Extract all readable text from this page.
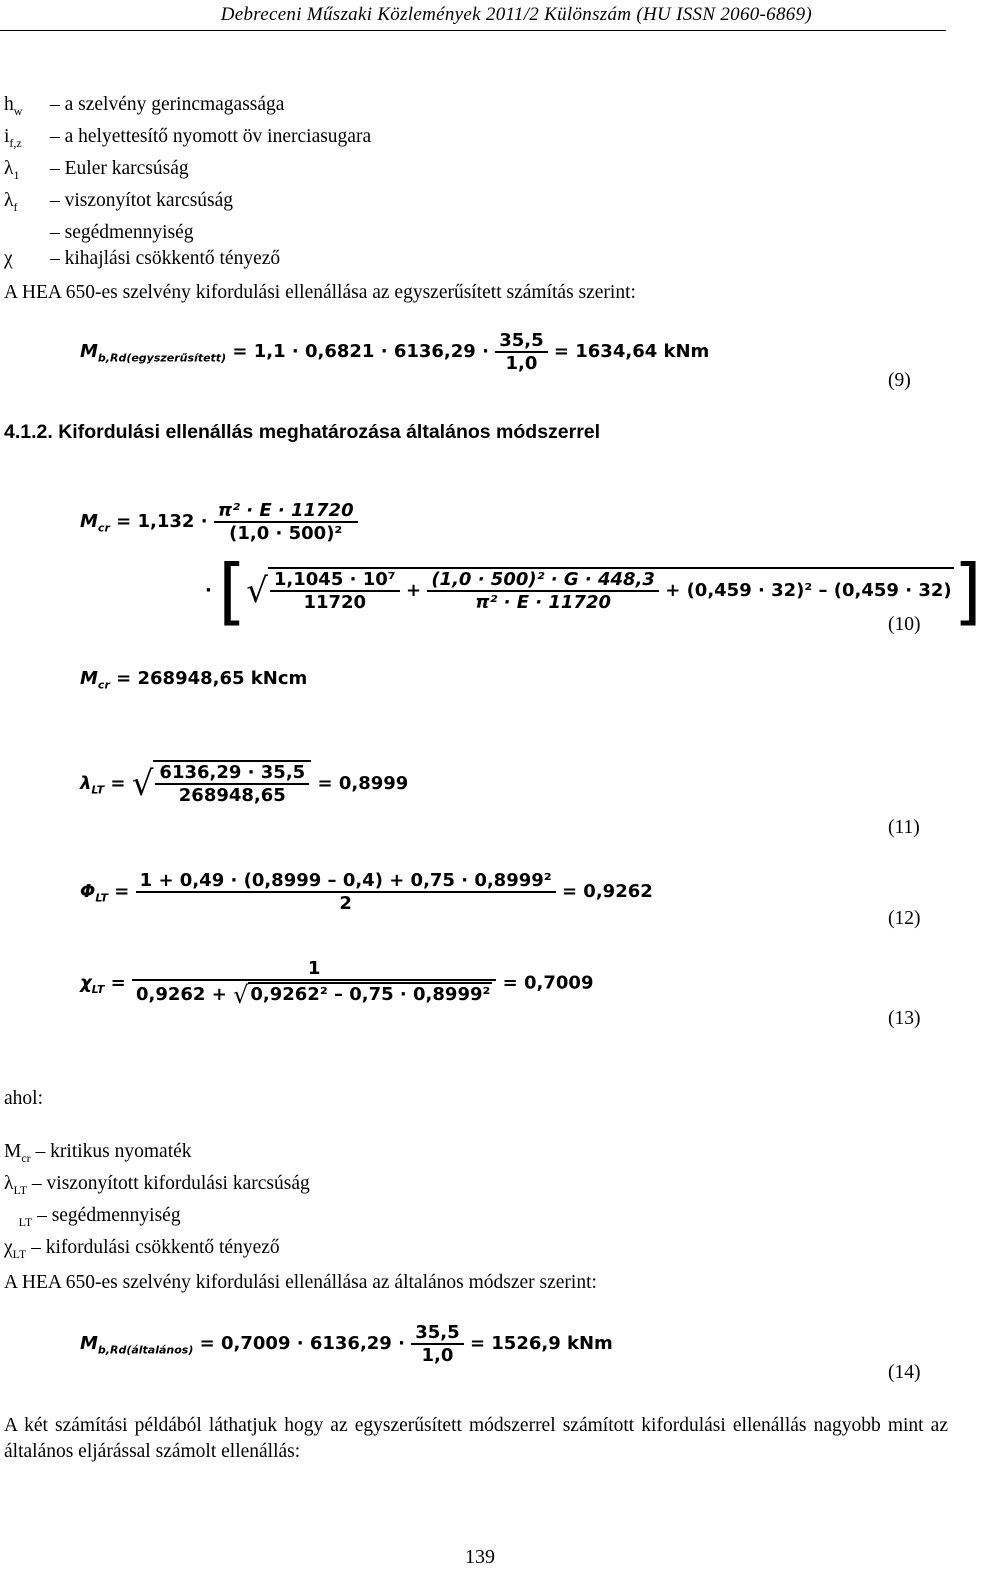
Debreceni Műszaki Közlemények 2011/2 Különszám (HU ISSN 2060-6869)
$h_w$ – a szelvény gerincmagassága
$i_{f,z}$ – a helyettesítő nyomott öv inerciasugara
$\lambda_1$ – Euler karcsúság
$\lambda_f$ – viszonyítot karcsúság
– segédmennyiség
χ – kihajlási csökkentő tényező
A HEA 650-es szelvény kifordulási ellenállása az egyszerűsített számítás szerint:
$M_{b,Rd(egyszerűsített)} = 1,1 \cdot 0,6821 \cdot 6136,29 \cdot \frac{35,5}{1,0} = 1634,64$ kNm
(9)
4.1.2. Kifordulási ellenállás meghatározása általános módszerrel
$M_{cr} = 1,132 \cdot \frac{\text{π² · E · 11720}}{\text{(1,0 · 500)²}}$
· [√ $\frac{\text{1,1045 · 10⁷}}{11720} + \frac{\text{(1,0 · 500)² · G · 448,3}}{\text{π² · E · 11720}} + (0,459 \cdot 32)^2 - (0,459 \cdot 32)$]
(10)
$M_{cr} = 268948,65$ kNcm
$\lambda_{LT}$ = √ $\frac{6136,29 \cdot 35,5}{268948,65} = 0,8999$
(11)
$\Phi_{LT} = \frac{\text{1 + 0,49 · (0,8999 – 0,4) + 0,75 · 0,8999²}}{2} = 0,9262$
(12)
$\chi_{LT} = \frac{1}{\text{0,9262 + √ 0,9262² – 0,75 · 0,8999²}} = 0,7009$
(13)
ahol:
$M_{cr}$ – kritikus nyomaték
$\lambda_{LT}$ – viszonyított kifordulási karcsúság
$_{LT}$ – segédmennyiség
$\chi_{LT}$ – kifordulási csökkentő tényező
A HEA 650-es szelvény kifordulási ellenállása az általános módszer szerint:
$M_{b,Rd(általános)} = 0,7009 \cdot 6136,29 \cdot \frac{35,5}{1,0} = 1526,9$ kNm
(14)
A két számítási példából láthatjuk hogy az egyszerűsített módszerrel számított kifordulási ellenállás nagyobb mint az általános eljárással számolt ellenállás:
139
